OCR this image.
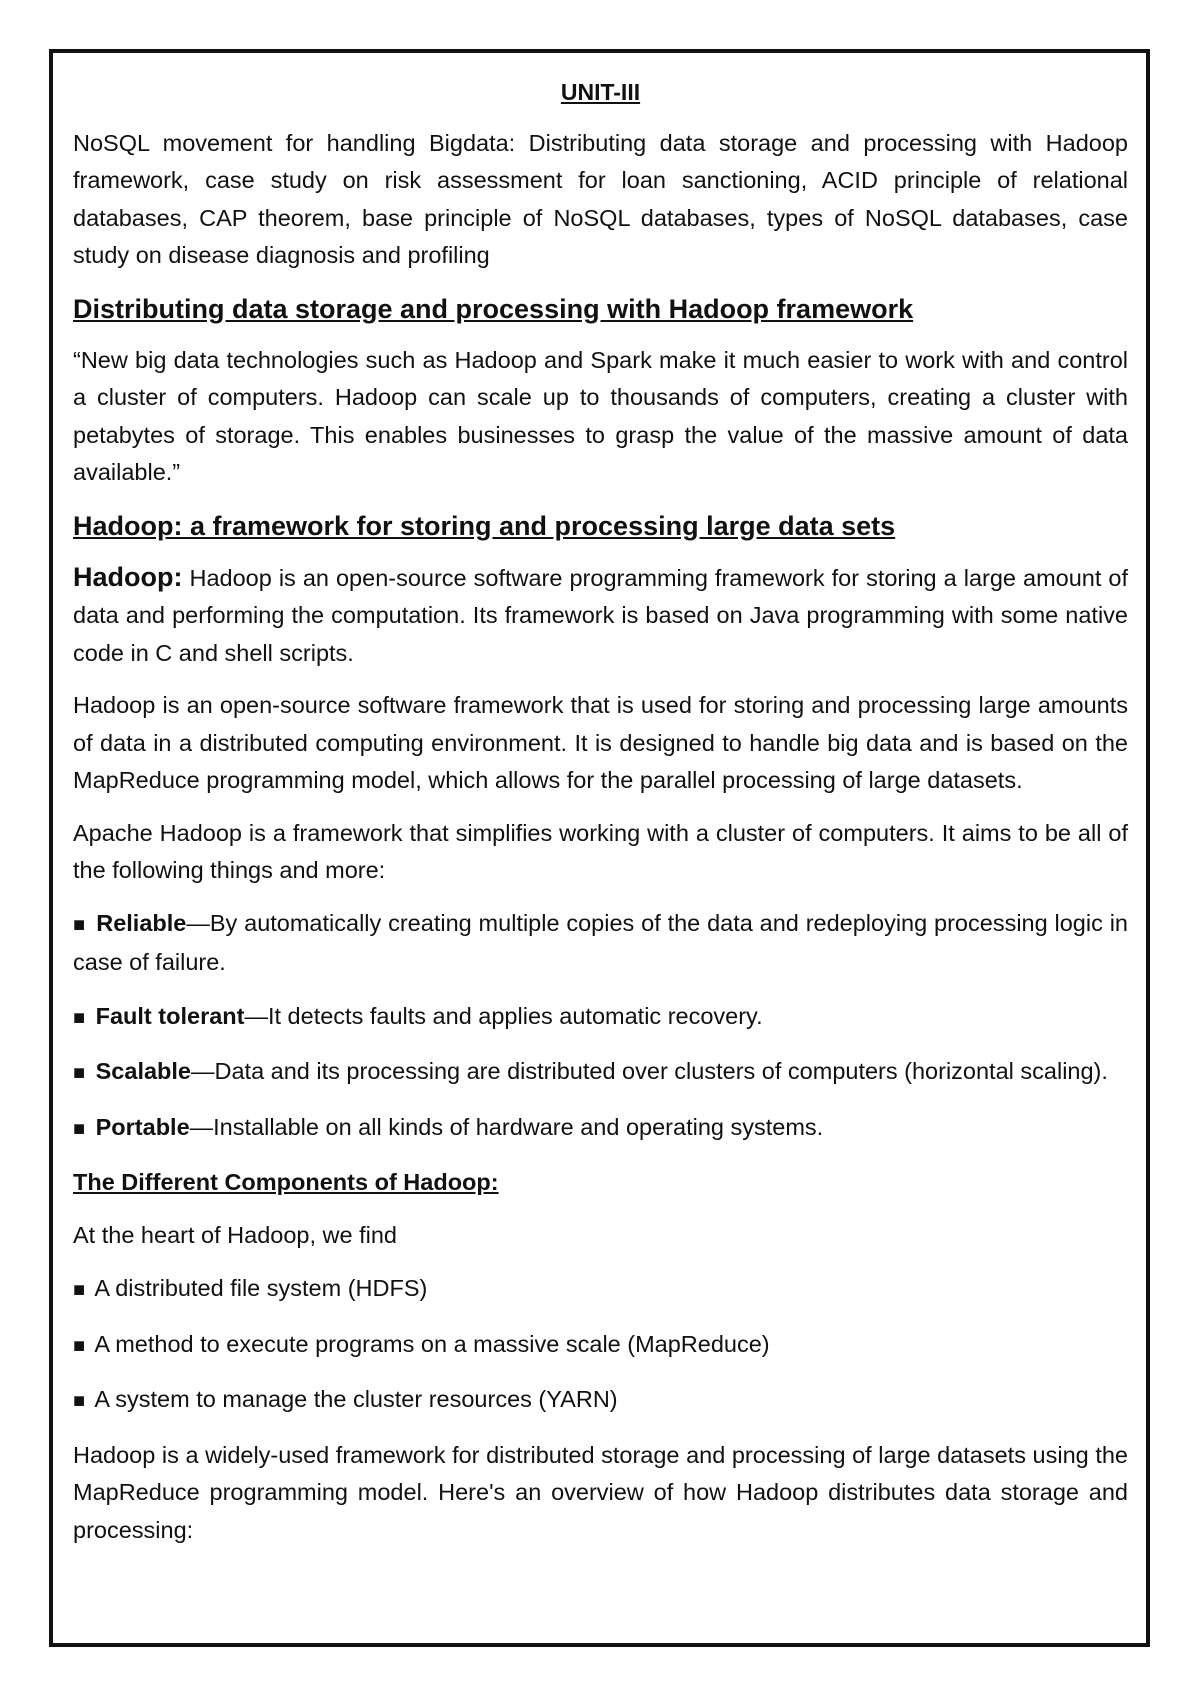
UNIT-III
NoSQL movement for handling Bigdata: Distributing data storage and processing with Hadoop framework, case study on risk assessment for loan sanctioning, ACID principle of relational databases, CAP theorem, base principle of NoSQL databases, types of NoSQL databases, case study on disease diagnosis and profiling
Distributing data storage and processing with Hadoop framework
“New big data technologies such as Hadoop and Spark make it much easier to work with and control a cluster of computers. Hadoop can scale up to thousands of computers, creating a cluster with petabytes of storage. This enables businesses to grasp the value of the massive amount of data available.”
Hadoop: a framework for storing and processing large data sets
Hadoop: Hadoop is an open-source software programming framework for storing a large amount of data and performing the computation. Its framework is based on Java programming with some native code in C and shell scripts.
Hadoop is an open-source software framework that is used for storing and processing large amounts of data in a distributed computing environment. It is designed to handle big data and is based on the MapReduce programming model, which allows for the parallel processing of large datasets.
Apache Hadoop is a framework that simplifies working with a cluster of computers. It aims to be all of the following things and more:
■ Reliable—By automatically creating multiple copies of the data and redeploying processing logic in case of failure.
■ Fault tolerant—It detects faults and applies automatic recovery.
■ Scalable—Data and its processing are distributed over clusters of computers (horizontal scaling).
■ Portable—Installable on all kinds of hardware and operating systems.
The Different Components of Hadoop:
At the heart of Hadoop, we find
■ A distributed file system (HDFS)
■ A method to execute programs on a massive scale (MapReduce)
■ A system to manage the cluster resources (YARN)
Hadoop is a widely-used framework for distributed storage and processing of large datasets using the MapReduce programming model. Here's an overview of how Hadoop distributes data storage and processing:
